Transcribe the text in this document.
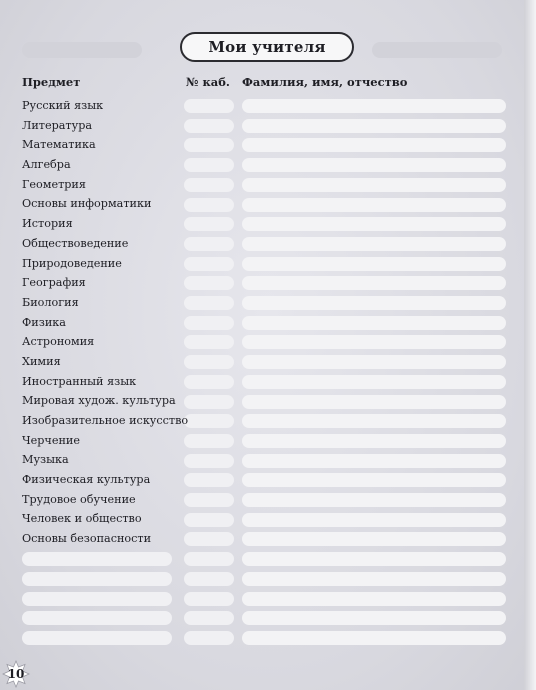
Мои учителя
Предмет	№ каб. Фамилия, имя, отчество
Русский язык
Литература
Математика
Алгебра
Геометрия
Основы информатики
История
Обществоведение
Природоведение
География
Биология
Физика
Астрономия
Химия
Иностранный язык
Мировая худож. культура
Изобразительное искусство
Черчение
Музыка
Физическая культура
Трудовое обучение
Человек и общество
Основы безопасности
10
